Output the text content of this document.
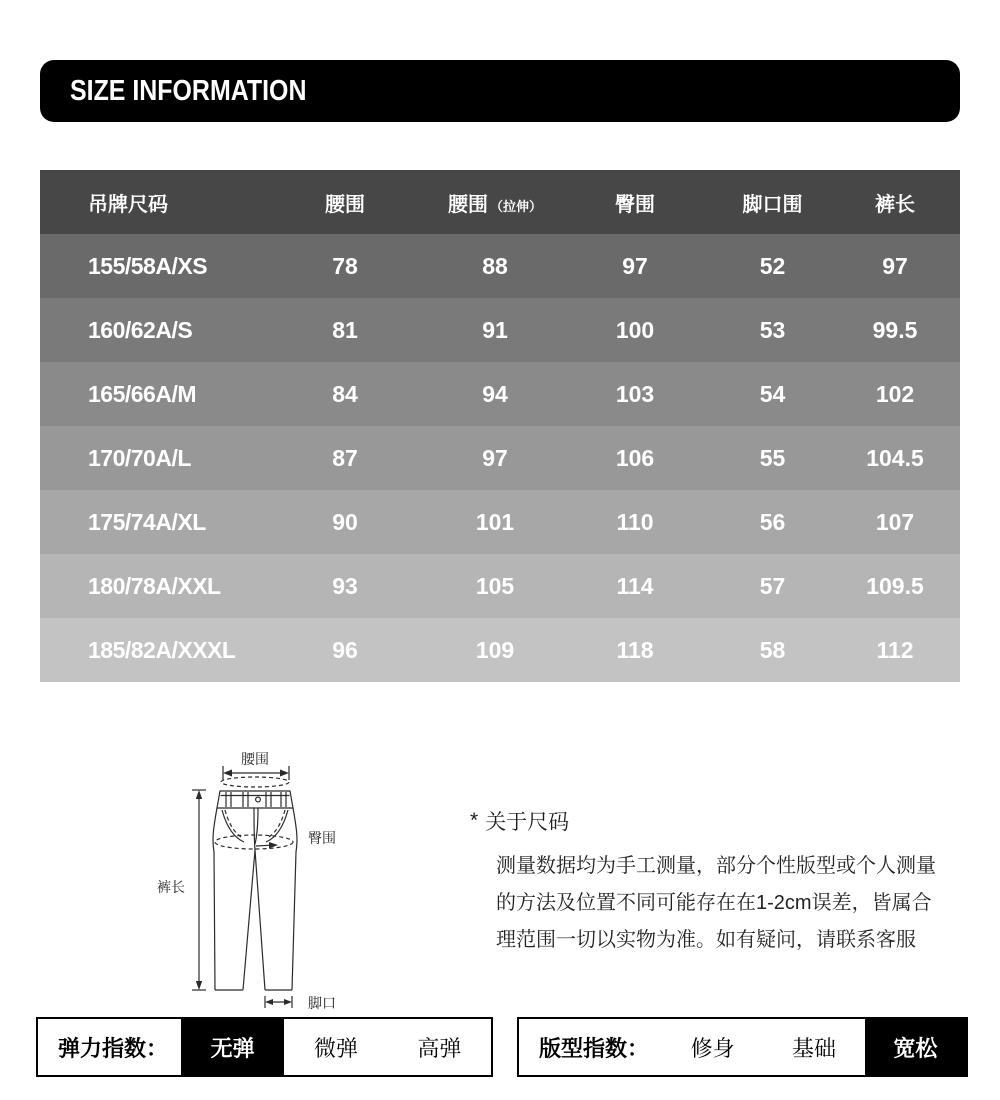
SIZE INFORMATION
吊牌尺码	腰围	腰围 （拉伸）	臀围	脚口围	裤长
155/58A/XS	78	88	97	52	97
160/62A/S	81	91	100	53	99.5
165/66A/M	84	94	103	54	102
170/70A/L	87	97	106	55	104.5
175/74A/XL	90	101	110	56	107
180/78A/XXL	93	105	114	57	109.5
185/82A/XXXL	96	109	118	58	112
腰围
臀围
裤长
脚口
* 关于尺码
测量数据均为手工测量，部分个性版型或个人测量
的方法及位置不同可能存在在1-2cm误差，皆属合
理范围一切以实物为准。如有疑问，请联系客服
弹力指数：	无弹	微弹	高弹	版型指数：	修身	基础	宽松
